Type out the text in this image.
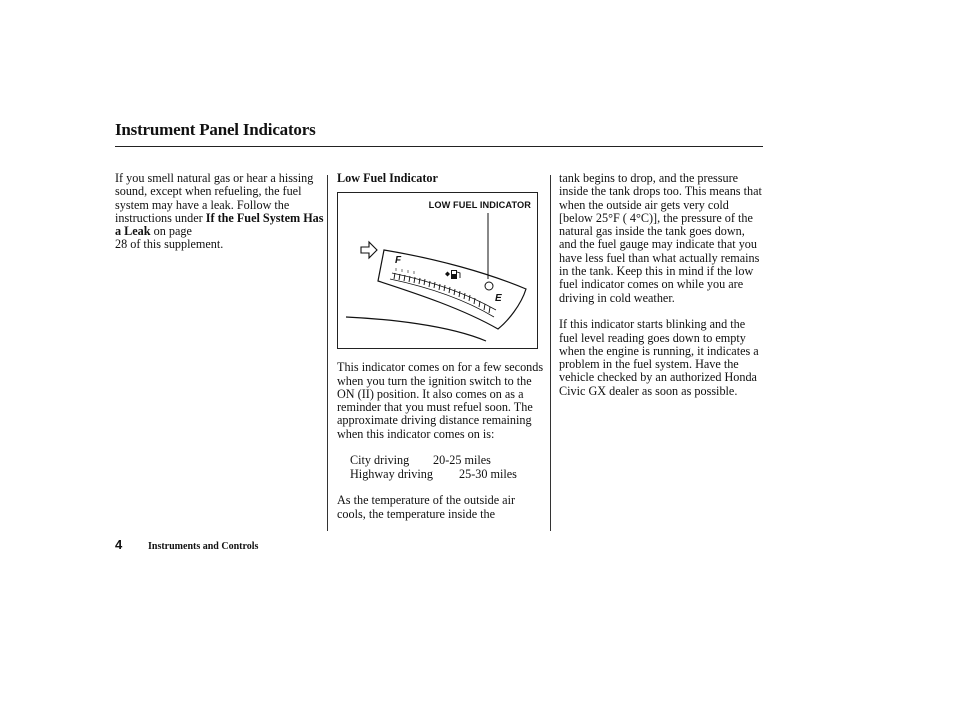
Instrument Panel Indicators

If you smell natural gas or hear a hissing sound, except when refueling, the fuel system may have a leak. Follow the instructions under If the Fuel System Has a Leak on page
28 of this supplement.

Low Fuel Indicator

LOW FUEL INDICATOR
F
E

This indicator comes on for a few seconds when you turn the ignition switch to the ON (II) position. It also comes on as a reminder that you must refuel soon. The approximate driving distance remaining when this indicator comes on is:

City driving	20-25 miles
Highway driving	25-30 miles

As the temperature of the outside air cools, the temperature inside the

tank begins to drop, and the pressure inside the tank drops too. This means that when the outside air gets very cold [below 25°F ( 4°C)], the pressure of the natural gas inside the tank goes down, and the fuel gauge may indicate that you have less fuel than what actually remains in the tank. Keep this in mind if the low fuel indicator comes on while you are driving in cold weather.

If this indicator starts blinking and the fuel level reading goes down to empty when the engine is running, it indicates a problem in the fuel system. Have the vehicle checked by an authorized Honda Civic GX dealer as soon as possible.

4	Instruments and Controls
